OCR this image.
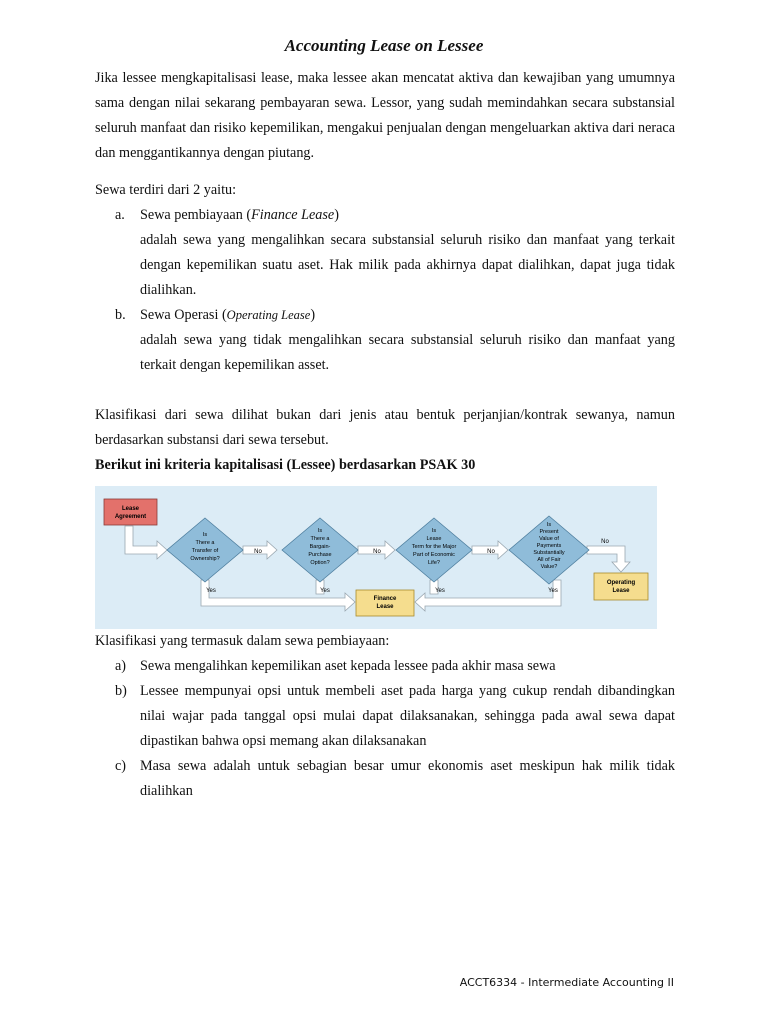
Accounting Lease on Lessee

Jika lessee mengkapitalisasi lease, maka lessee akan mencatat aktiva dan kewajiban yang umumnya sama dengan nilai sekarang pembayaran sewa. Lessor, yang sudah memindahkan secara substansial seluruh manfaat dan risiko kepemilikan, mengakui penjualan dengan mengeluarkan aktiva dari neraca dan menggantikannya dengan piutang.

Sewa terdiri dari 2 yaitu:

a. Sewa pembiayaan (Finance Lease)
adalah sewa yang mengalihkan secara substansial seluruh risiko dan manfaat yang terkait dengan kepemilikan suatu aset. Hak milik pada akhirnya dapat dialihkan, dapat juga tidak dialihkan.
b. Sewa Operasi (Operating Lease)
adalah sewa yang tidak mengalihkan secara substansial seluruh risiko dan manfaat yang terkait dengan kepemilikan asset.

Klasifikasi dari sewa dilihat bukan dari jenis atau bentuk perjanjian/kontrak sewanya, namun berdasarkan substansi dari sewa tersebut.

Berikut ini kriteria kapitalisasi (Lessee) berdasarkan PSAK 30

Lease
Agreement
Is
There a
Transfer of
Ownership?
Is
There a
Bargain-
Purchase
Option?
Is
Lease
Term for the Major
Part of Economic
Life?
Is
Present
Value of
Payments
Substantially
All of Fair
Value?
No	No	No
No
Yes	Yes	Yes	Yes
Finance
Lease
Operating
Lease

Klasifikasi yang termasuk dalam sewa pembiayaan:

a) Sewa mengalihkan kepemilikan aset kepada lessee pada akhir masa sewa
b) Lessee mempunyai opsi untuk membeli aset pada harga yang cukup rendah dibandingkan nilai wajar pada tanggal opsi mulai dapat dilaksanakan, sehingga pada awal sewa dapat dipastikan bahwa opsi memang akan dilaksanakan
c) Masa sewa adalah untuk sebagian besar umur ekonomis aset meskipun hak milik tidak dialihkan
ACCT6334 - Intermediate Accounting II
